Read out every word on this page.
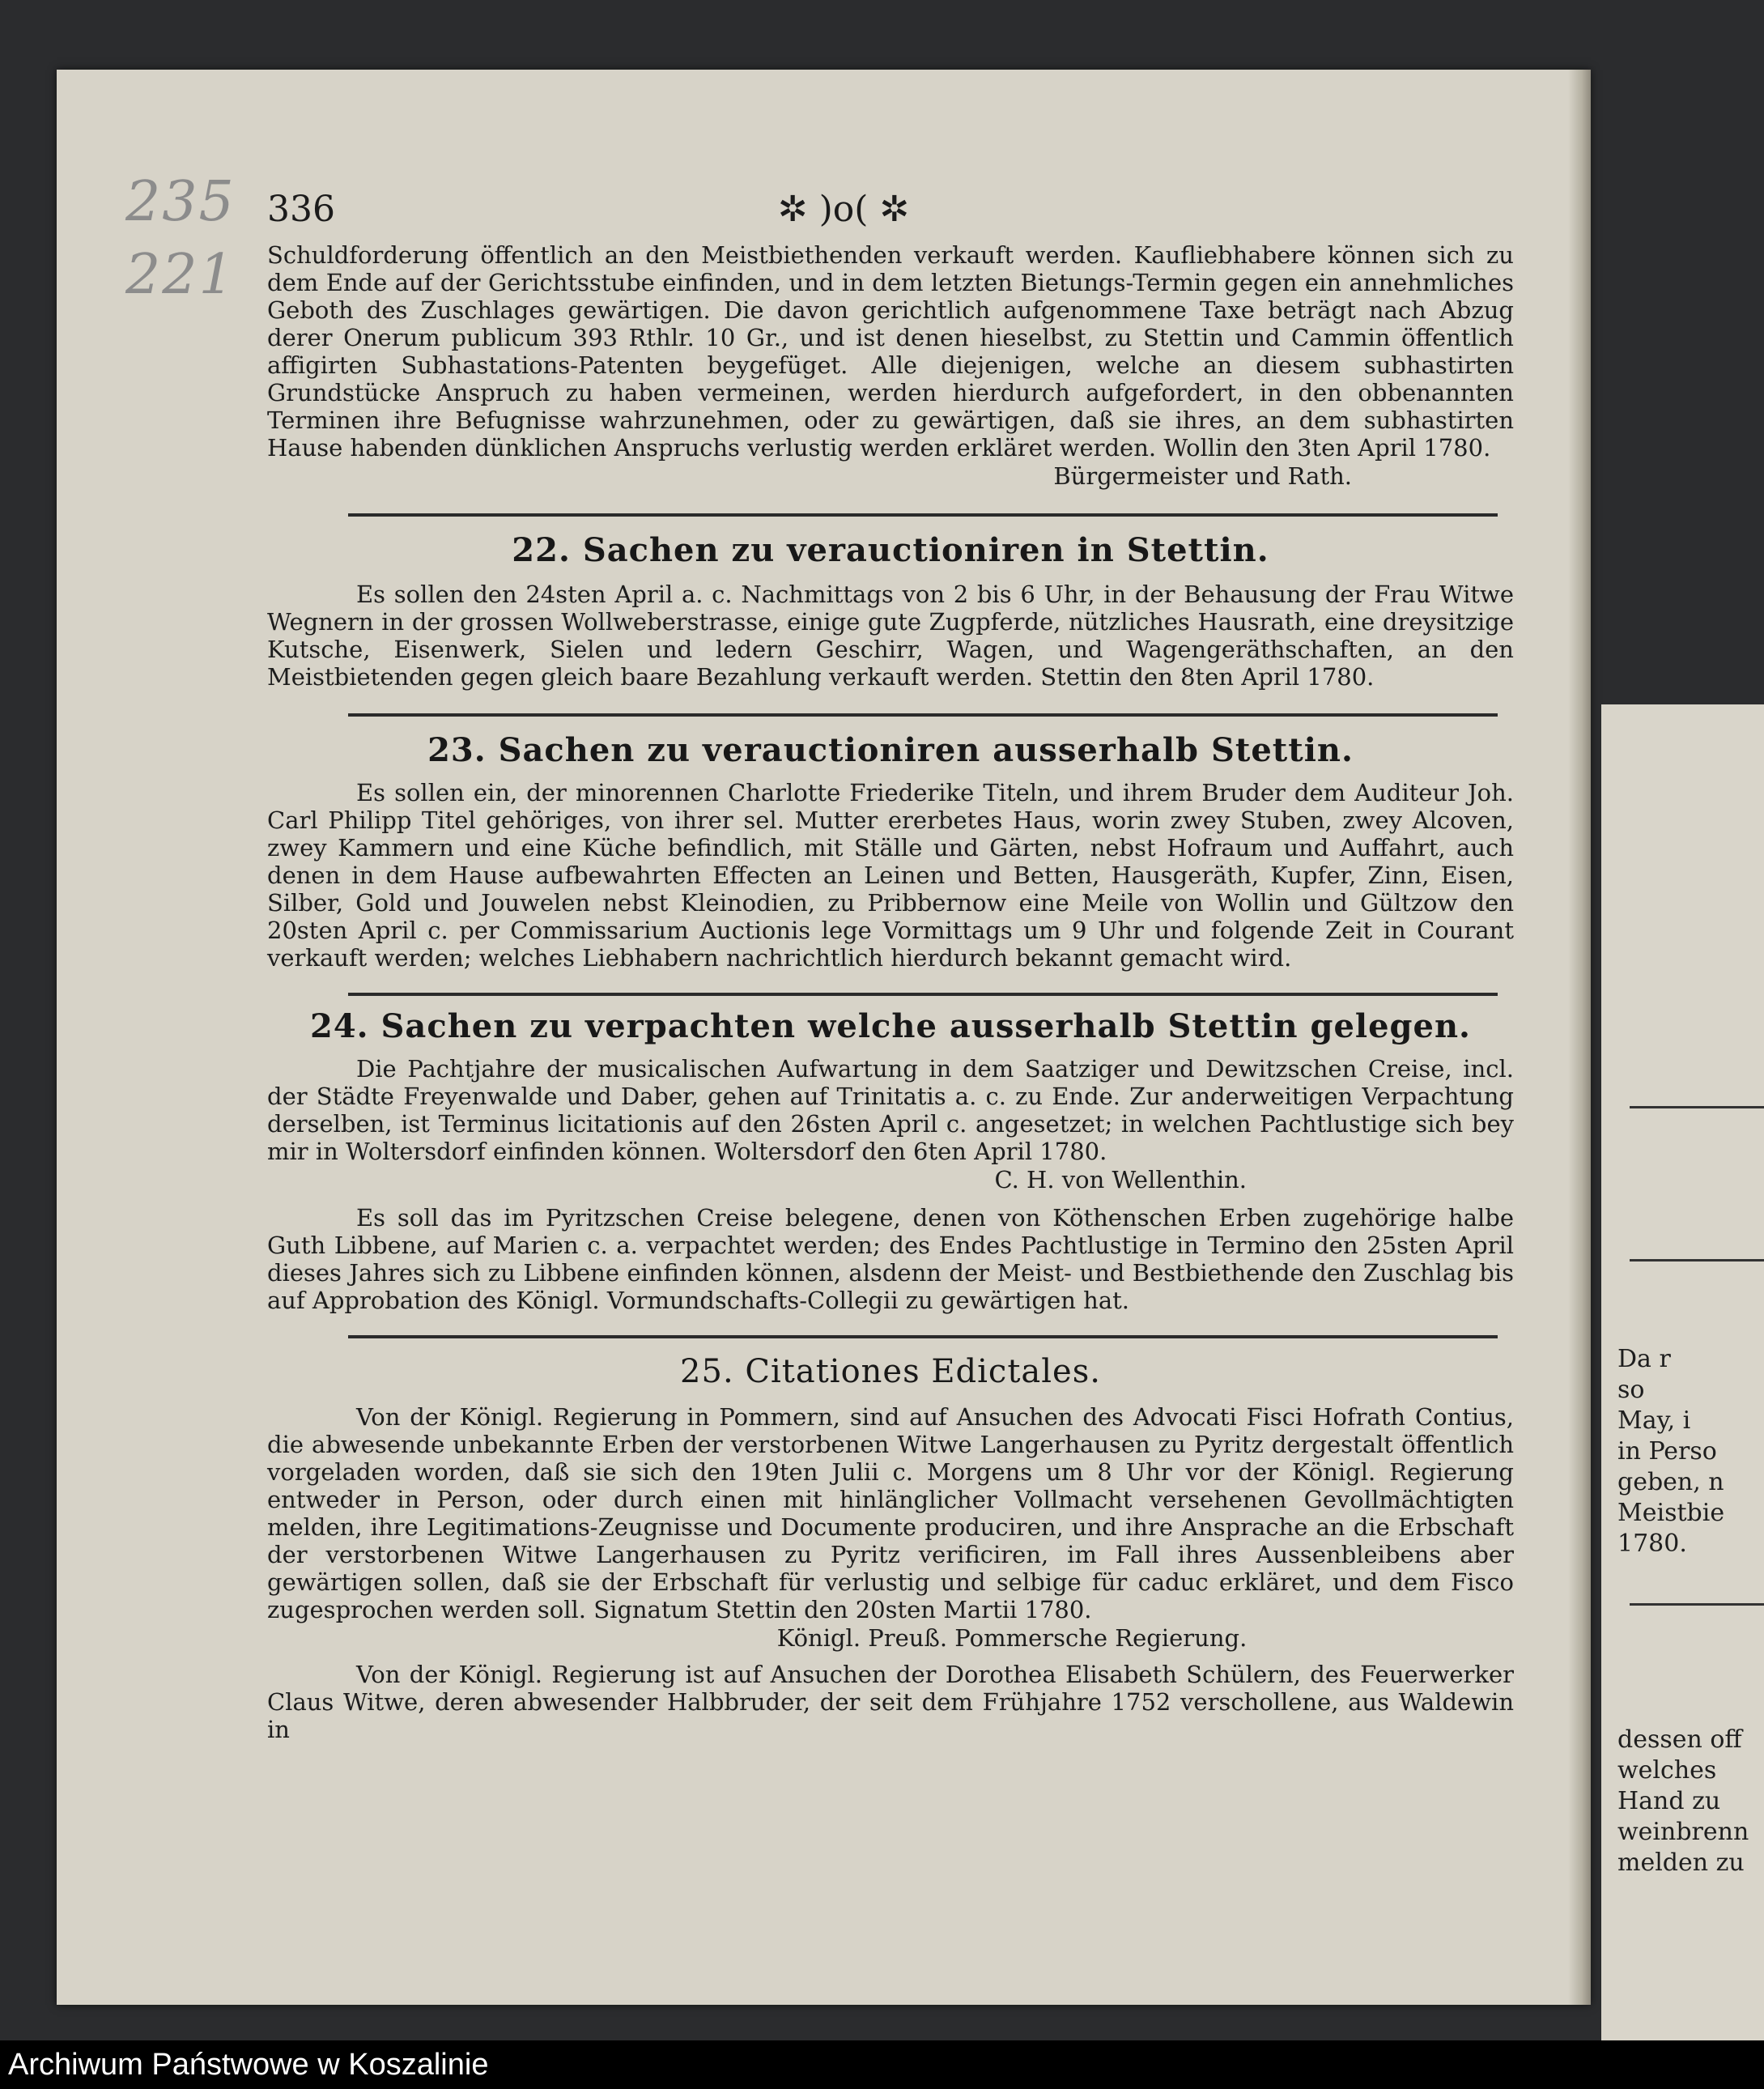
Da r
so
May, i
in Perso
geben, n
Meistbie
1780.
dessen off
welches
Hand zu
weinbrenn
melden zu
235
221
336	✲ )o( ✲

Schuldforderung öffentlich an den Meistbiethenden verkauft werden. Kaufliebhabere können sich zu dem Ende auf der Gerichtsstube einfinden, und in dem letzten Bietungs-Termin gegen ein annehmliches Geboth des Zuschlages gewärtigen. Die davon gerichtlich aufgenommene Taxe beträgt nach Abzug derer Onerum publicum 393 Rthlr. 10 Gr., und ist denen hieselbst, zu Stettin und Cammin öffentlich affigirten Subhastations-Patenten beygefüget. Alle diejenigen, welche an diesem subhastirten Grundstücke Anspruch zu haben vermeinen, werden hierdurch aufgefordert, in den obbenannten Terminen ihre Befugnisse wahrzunehmen, oder zu gewärtigen, daß sie ihres, an dem subhastirten Hause habenden dünklichen Anspruchs verlustig werden erkläret werden. Wollin den 3ten April 1780.

Bürgermeister und Rath.
22. Sachen zu verauctioniren in Stettin.

Es sollen den 24sten April a. c. Nachmittags von 2 bis 6 Uhr, in der Behausung der Frau Witwe Wegnern in der grossen Wollweberstrasse, einige gute Zugpferde, nützliches Hausrath, eine dreysitzige Kutsche, Eisenwerk, Sielen und ledern Geschirr, Wagen, und Wagengeräthschaften, an den Meistbietenden gegen gleich baare Bezahlung verkauft werden. Stettin den 8ten April 1780.

23. Sachen zu verauctioniren ausserhalb Stettin.

Es sollen ein, der minorennen Charlotte Friederike Titeln, und ihrem Bruder dem Auditeur Joh. Carl Philipp Titel gehöriges, von ihrer sel. Mutter ererbetes Haus, worin zwey Stuben, zwey Alcoven, zwey Kammern und eine Küche befindlich, mit Ställe und Gärten, nebst Hofraum und Auffahrt, auch denen in dem Hause aufbewahrten Effecten an Leinen und Betten, Hausgeräth, Kupfer, Zinn, Eisen, Silber, Gold und Jouwelen nebst Kleinodien, zu Pribbernow eine Meile von Wollin und Gültzow den 20sten April c. per Commissarium Auctionis lege Vormittags um 9 Uhr und folgende Zeit in Courant verkauft werden; welches Liebhabern nachrichtlich hierdurch bekannt gemacht wird.

24. Sachen zu verpachten welche ausserhalb Stettin gelegen.

Die Pachtjahre der musicalischen Aufwartung in dem Saatziger und Dewitzschen Creise, incl. der Städte Freyenwalde und Daber, gehen auf Trinitatis a. c. zu Ende. Zur anderweitigen Verpachtung derselben, ist Terminus licitationis auf den 26sten April c. angesetzet; in welchen Pachtlustige sich bey mir in Woltersdorf einfinden können. Woltersdorf den 6ten April 1780.

C. H. von Wellenthin.

Es soll das im Pyritzschen Creise belegene, denen von Köthenschen Erben zugehörige halbe Guth Libbene, auf Marien c. a. verpachtet werden; des Endes Pachtlustige in Termino den 25sten April dieses Jahres sich zu Libbene einfinden können, alsdenn der Meist- und Bestbiethende den Zuschlag bis auf Approbation des Königl. Vormundschafts-Collegii zu gewärtigen hat.

25. Citationes Edictales.

Von der Königl. Regierung in Pommern, sind auf Ansuchen des Advocati Fisci Hofrath Contius, die abwesende unbekannte Erben der verstorbenen Witwe Langerhausen zu Pyritz dergestalt öffentlich vorgeladen worden, daß sie sich den 19ten Julii c. Morgens um 8 Uhr vor der Königl. Regierung entweder in Person, oder durch einen mit hinlänglicher Vollmacht versehenen Gevollmächtigten melden, ihre Legitimations-Zeugnisse und Documente produciren, und ihre Ansprache an die Erbschaft der verstorbenen Witwe Langerhausen zu Pyritz verificiren, im Fall ihres Aussenbleibens aber gewärtigen sollen, daß sie der Erbschaft für verlustig und selbige für caduc erkläret, und dem Fisco zugesprochen werden soll. Signatum Stettin den 20sten Martii 1780.

Königl. Preuß. Pommersche Regierung.

Von der Königl. Regierung ist auf Ansuchen der Dorothea Elisabeth Schülern, des Feuerwerker Claus Witwe, deren abwesender Halbbruder, der seit dem Frühjahre 1752 verschollene, aus Waldewin in

Archiwum Państwowe w Koszalinie
